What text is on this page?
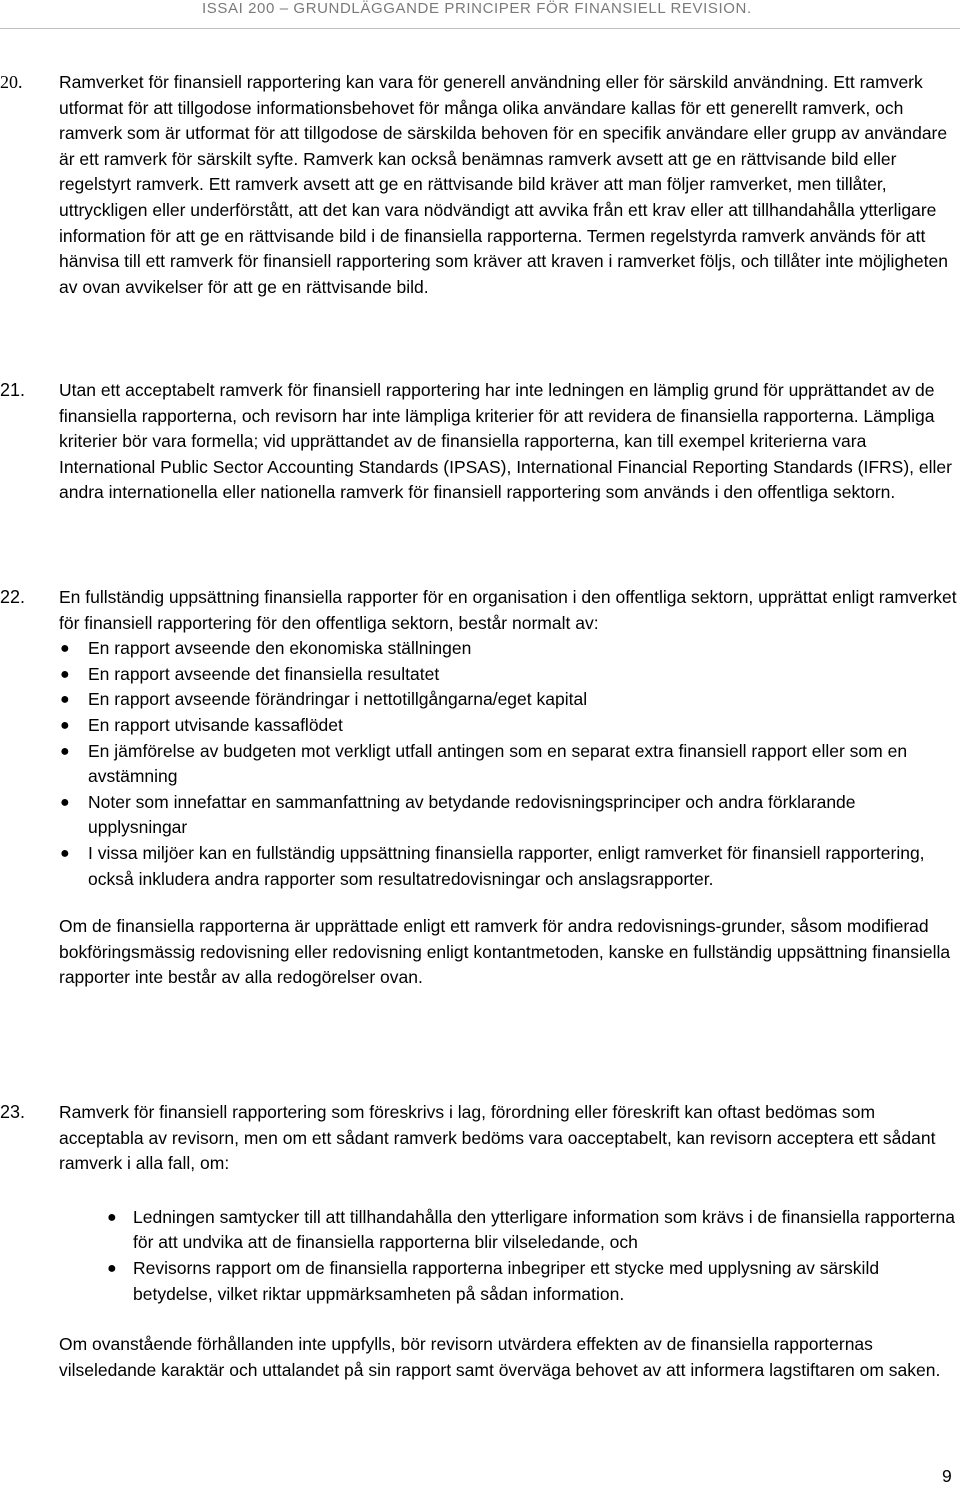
ISSAI 200 – GRUNDLÄGGANDE PRINCIPER FÖR FINANSIELL REVISION.
20.	Ramverket för finansiell rapportering kan vara för generell användning eller för särskild användning. Ett ramverk utformat för att tillgodose informationsbehovet för många olika användare kallas för ett generellt ramverk, och ramverk som är utformat för att tillgodose de särskilda behoven för en specifik användare eller grupp av användare är ett ramverk för särskilt syfte. Ramverk kan också benämnas ramverk avsett att ge en rättvisande bild eller regelstyrt ramverk. Ett ramverk avsett att ge en rättvisande bild kräver att man följer ramverket, men tillåter, uttryckligen eller underförstått, att det kan vara nödvändigt att avvika från ett krav eller att tillhandahålla ytterligare information för att ge en rättvisande bild i de finansiella rapporterna. Termen regelstyrda ramverk används för att hänvisa till ett ramverk för finansiell rapportering som kräver att kraven i ramverket följs, och tillåter inte möjligheten av ovan avvikelser för att ge en rättvisande bild.
21.	Utan ett acceptabelt ramverk för finansiell rapportering har inte ledningen en lämplig grund för upprättandet av de finansiella rapporterna, och revisorn har inte lämpliga kriterier för att revidera de finansiella rapporterna. Lämpliga kriterier bör vara formella; vid upprättandet av de finansiella rapporterna, kan till exempel kriterierna vara International Public Sector Accounting Standards (IPSAS), International Financial Reporting Standards (IFRS), eller andra internationella eller nationella ramverk för finansiell rapportering som används i den offentliga sektorn.
22.	En fullständig uppsättning finansiella rapporter för en organisation i den offentliga sektorn, upprättat enligt ramverket för finansiell rapportering för den offentliga sektorn, består normalt av:
● En rapport avseende den ekonomiska ställningen
● En rapport avseende det finansiella resultatet
● En rapport avseende förändringar i nettotillgångarna/eget kapital
● En rapport utvisande kassaflödet
● En jämförelse av budgeten mot verkligt utfall antingen som en separat extra finansiell rapport eller som en avstämning
● Noter som innefattar en sammanfattning av betydande redovisningsprinciper och andra förklarande upplysningar
● I vissa miljöer kan en fullständig uppsättning finansiella rapporter, enligt ramverket för finansiell rapportering, också inkludera andra rapporter som resultatredovisningar och anslagsrapporter.
Om de finansiella rapporterna är upprättade enligt ett ramverk för andra redovisnings-grunder, såsom modifierad bokföringsmässig redovisning eller redovisning enligt kontantmetoden, kanske en fullständig uppsättning finansiella rapporter inte består av alla redogörelser ovan.
23.	Ramverk för finansiell rapportering som föreskrivs i lag, förordning eller föreskrift kan oftast bedömas som acceptabla av revisorn, men om ett sådant ramverk bedöms vara oacceptabelt, kan revisorn acceptera ett sådant ramverk i alla fall, om:
● Ledningen samtycker till att tillhandahålla den ytterligare information som krävs i de finansiella rapporterna för att undvika att de finansiella rapporterna blir vilseledande, och
● Revisorns rapport om de finansiella rapporterna inbegriper ett stycke med upplysning av särskild betydelse, vilket riktar uppmärksamheten på sådan information.
Om ovanstående förhållanden inte uppfylls, bör revisorn utvärdera effekten av de finansiella rapporternas vilseledande karaktär och uttalandet på sin rapport samt överväga behovet av att informera lagstiftaren om saken.
9
